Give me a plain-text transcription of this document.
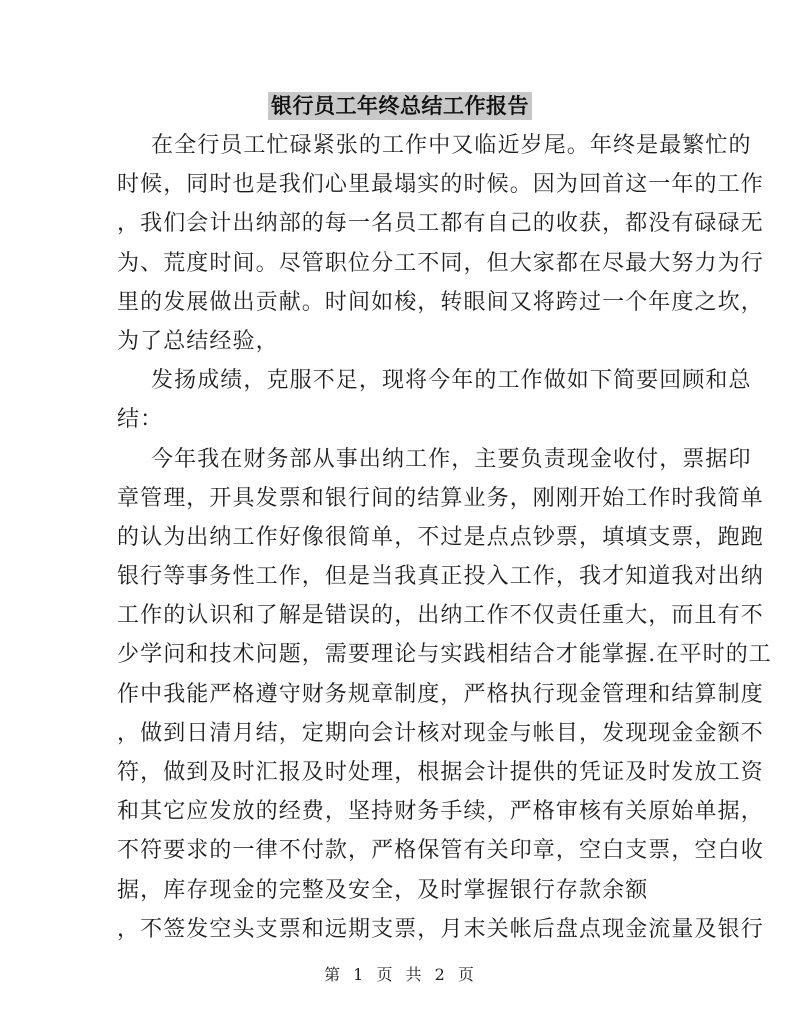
银行员工年终总结工作报告
在全行员工忙碌紧张的工作中又临近岁尾。年终是最繁忙的
时候，同时也是我们心里最塌实的时候。因为回首这一年的工作
，我们会计出纳部的每一名员工都有自己的收获，都没有碌碌无
为、荒度时间。尽管职位分工不同，但大家都在尽最大努力为行
里的发展做出贡献。时间如梭，转眼间又将跨过一个年度之坎，
为了总结经验，
发扬成绩，克服不足，现将今年的工作做如下简要回顾和总
结：
今年我在财务部从事出纳工作，主要负责现金收付，票据印
章管理，开具发票和银行间的结算业务，刚刚开始工作时我简单
的认为出纳工作好像很简单，不过是点点钞票，填填支票，跑跑
银行等事务性工作，但是当我真正投入工作，我才知道我对出纳
工作的认识和了解是错误的，出纳工作不仅责任重大，而且有不
少学问和技术问题，需要理论与实践相结合才能掌握.在平时的工
作中我能严格遵守财务规章制度，严格执行现金管理和结算制度
，做到日清月结，定期向会计核对现金与帐目，发现现金金额不
符，做到及时汇报及时处理，根据会计提供的凭证及时发放工资
和其它应发放的经费，坚持财务手续，严格审核有关原始单据，
不符要求的一律不付款，严格保管有关印章，空白支票，空白收
据，库存现金的完整及安全，及时掌握银行存款余额
，不签发空头支票和远期支票，月末关帐后盘点现金流量及银行
第 1 页 共 2 页
